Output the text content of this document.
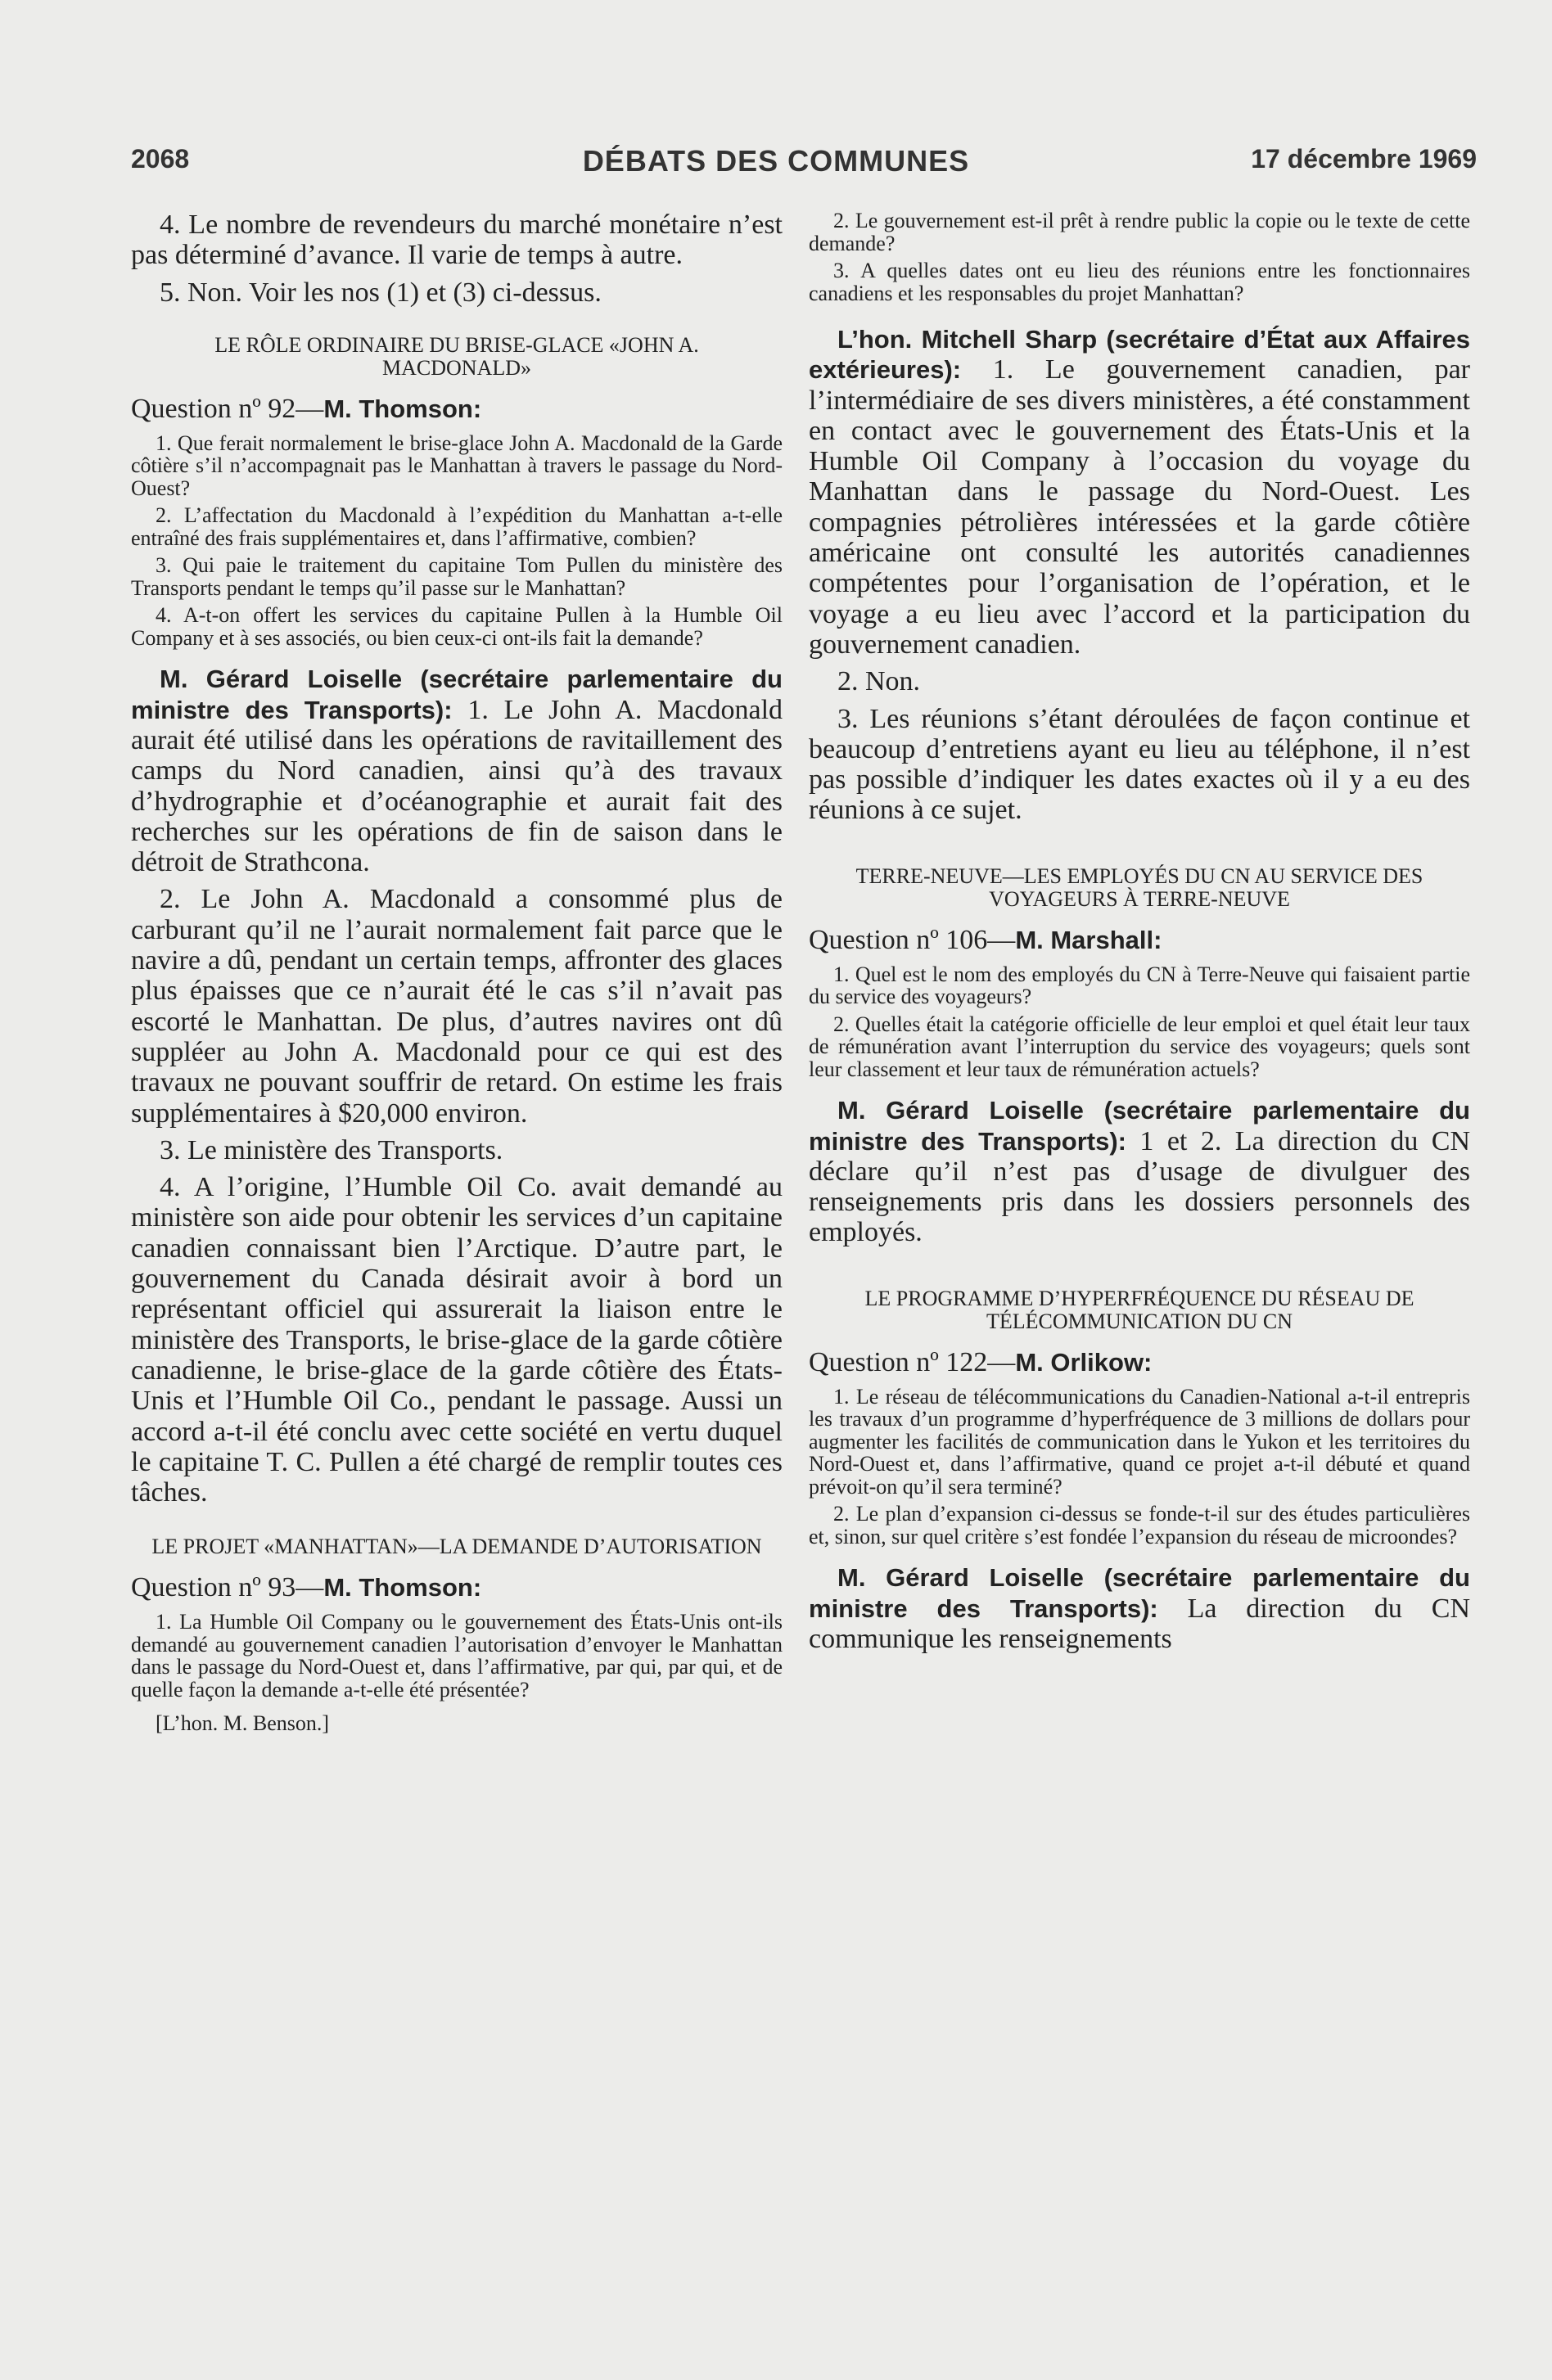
2068	DÉBATS DES COMMUNES	17 décembre 1969

4. Le nombre de revendeurs du marché monétaire n’est pas déterminé d’avance. Il varie de temps à autre.

5. Non. Voir les nos (1) et (3) ci-dessus.

LE RÔLE ORDINAIRE DU BRISE-GLACE «JOHN A. MACDONALD»

Question nº 92—M. Thomson:

1. Que ferait normalement le brise-glace John A. Macdonald de la Garde côtière s’il n’accompagnait pas le Manhattan à travers le passage du Nord-Ouest?

2. L’affectation du Macdonald à l’expédition du Manhattan a-t-elle entraîné des frais supplémentaires et, dans l’affirmative, combien?

3. Qui paie le traitement du capitaine Tom Pullen du ministère des Transports pendant le temps qu’il passe sur le Manhattan?

4. A-t-on offert les services du capitaine Pullen à la Humble Oil Company et à ses associés, ou bien ceux-ci ont-ils fait la demande?

M. Gérard Loiselle (secrétaire parlementaire du ministre des Transports): 1. Le John A. Macdonald aurait été utilisé dans les opérations de ravitaillement des camps du Nord canadien, ainsi qu’à des travaux d’hydrographie et d’océanographie et aurait fait des recherches sur les opérations de fin de saison dans le détroit de Strathcona.

2. Le John A. Macdonald a consommé plus de carburant qu’il ne l’aurait normalement fait parce que le navire a dû, pendant un certain temps, affronter des glaces plus épaisses que ce n’aurait été le cas s’il n’avait pas escorté le Manhattan. De plus, d’autres navires ont dû suppléer au John A. Macdonald pour ce qui est des travaux ne pouvant souffrir de retard. On estime les frais supplémentaires à $20,000 environ.

3. Le ministère des Transports.

4. A l’origine, l’Humble Oil Co. avait demandé au ministère son aide pour obtenir les services d’un capitaine canadien connaissant bien l’Arctique. D’autre part, le gouvernement du Canada désirait avoir à bord un représentant officiel qui assurerait la liaison entre le ministère des Transports, le brise-glace de la garde côtière canadienne, le brise-glace de la garde côtière des États-Unis et l’Humble Oil Co., pendant le passage. Aussi un accord a-t-il été conclu avec cette société en vertu duquel le capitaine T. C. Pullen a été chargé de remplir toutes ces tâches.

LE PROJET «MANHATTAN»—LA DEMANDE D’AUTORISATION

Question nº 93—M. Thomson:

1. La Humble Oil Company ou le gouvernement des États-Unis ont-ils demandé au gouvernement canadien l’autorisation d’envoyer le Manhattan dans le passage du Nord-Ouest et, dans l’affirmative, par qui, par qui, et de quelle façon la demande a-t-elle été présentée?

[L’hon. M. Benson.]

2. Le gouvernement est-il prêt à rendre public la copie ou le texte de cette demande?

3. A quelles dates ont eu lieu des réunions entre les fonctionnaires canadiens et les responsables du projet Manhattan?

L’hon. Mitchell Sharp (secrétaire d’État aux Affaires extérieures): 1. Le gouvernement canadien, par l’intermédiaire de ses divers ministères, a été constamment en contact avec le gouvernement des États-Unis et la Humble Oil Company à l’occasion du voyage du Manhattan dans le passage du Nord-Ouest. Les compagnies pétrolières intéressées et la garde côtière américaine ont consulté les autorités canadiennes compétentes pour l’organisation de l’opération, et le voyage a eu lieu avec l’accord et la participation du gouvernement canadien.

2. Non.

3. Les réunions s’étant déroulées de façon continue et beaucoup d’entretiens ayant eu lieu au téléphone, il n’est pas possible d’indiquer les dates exactes où il y a eu des réunions à ce sujet.

TERRE-NEUVE—LES EMPLOYÉS DU CN AU SERVICE DES VOYAGEURS À TERRE-NEUVE

Question nº 106—M. Marshall:

1. Quel est le nom des employés du CN à Terre-Neuve qui faisaient partie du service des voyageurs?

2. Quelles était la catégorie officielle de leur emploi et quel était leur taux de rémunération avant l’interruption du service des voyageurs; quels sont leur classement et leur taux de rémunération actuels?

M. Gérard Loiselle (secrétaire parlementaire du ministre des Transports): 1 et 2. La direction du CN déclare qu’il n’est pas d’usage de divulguer des renseignements pris dans les dossiers personnels des employés.

LE PROGRAMME D’HYPERFRÉQUENCE DU RÉSEAU DE TÉLÉCOMMUNICATION DU CN

Question nº 122—M. Orlikow:

1. Le réseau de télécommunications du Canadien-National a-t-il entrepris les travaux d’un programme d’hyperfréquence de 3 millions de dollars pour augmenter les facilités de communication dans le Yukon et les territoires du Nord-Ouest et, dans l’affirmative, quand ce projet a-t-il débuté et quand prévoit-on qu’il sera terminé?

2. Le plan d’expansion ci-dessus se fonde-t-il sur des études particulières et, sinon, sur quel critère s’est fondée l’expansion du réseau de microondes?

M. Gérard Loiselle (secrétaire parlementaire du ministre des Transports): La direction du CN communique les renseignements
